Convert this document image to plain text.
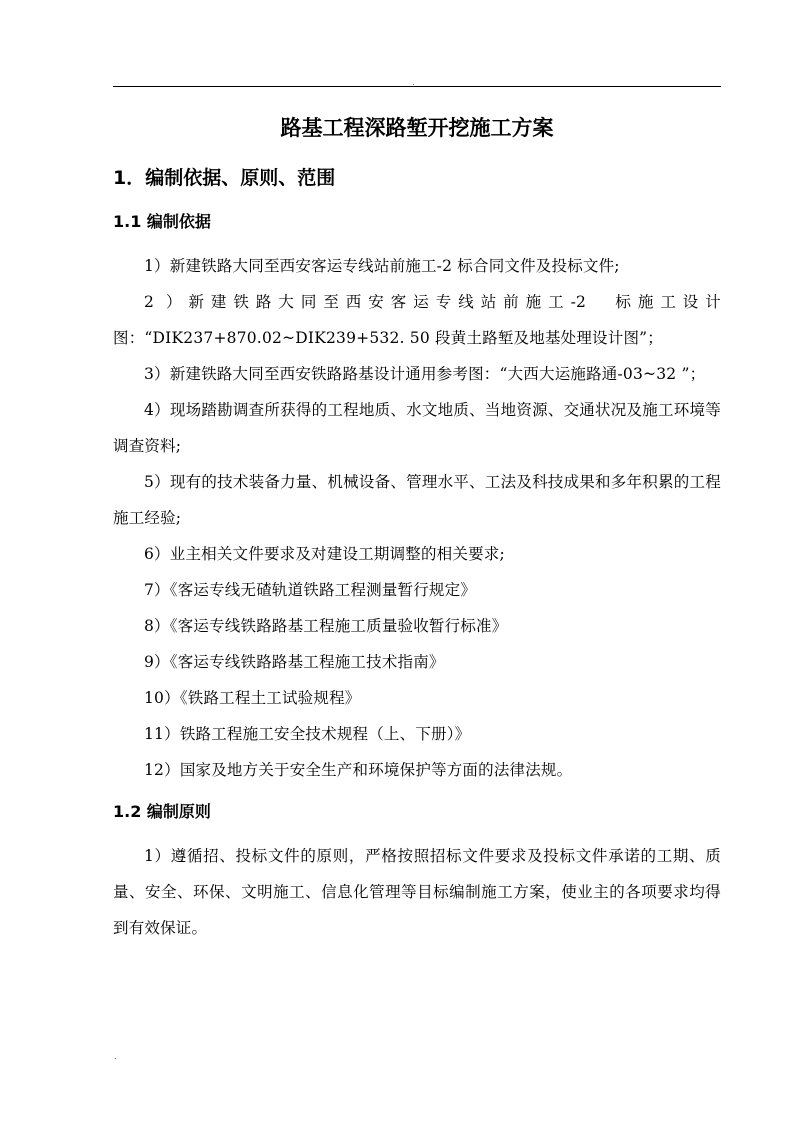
.
路基工程深路堑开挖施工方案
1．编制依据、原则、范围
1.1 编制依据

1）新建铁路大同至西安客运专线站前施工-2 标合同文件及投标文件;

2 ）新建铁路大同至西安客运专线站前施工-2　标施工设计图：“DIK237+870.02~DIK239+532. 50 段黄土路堑及地基处理设计图”；

3）新建铁路大同至西安铁路路基设计通用参考图：“大西大运施路通-03~32 ”；

4）现场踏勘调查所获得的工程地质、水文地质、当地资源、交通状况及施工环境等调查资料;

5）现有的技术装备力量、机械设备、管理水平、工法及科技成果和多年积累的工程施工经验;

6）业主相关文件要求及对建设工期调整的相关要求;

7）《客运专线无碴轨道铁路工程测量暂行规定》

8）《客运专线铁路路基工程施工质量验收暂行标准》

9）《客运专线铁路路基工程施工技术指南》

10）《铁路工程土工试验规程》

11）铁路工程施工安全技术规程（上、下册）》

12）国家及地方关于安全生产和环境保护等方面的法律法规。

1.2 编制原则

1）遵循招、投标文件的原则，严格按照招标文件要求及投标文件承诺的工期、质量、安全、环保、文明施工、信息化管理等目标编制施工方案，使业主的各项要求均得到有效保证。

.
